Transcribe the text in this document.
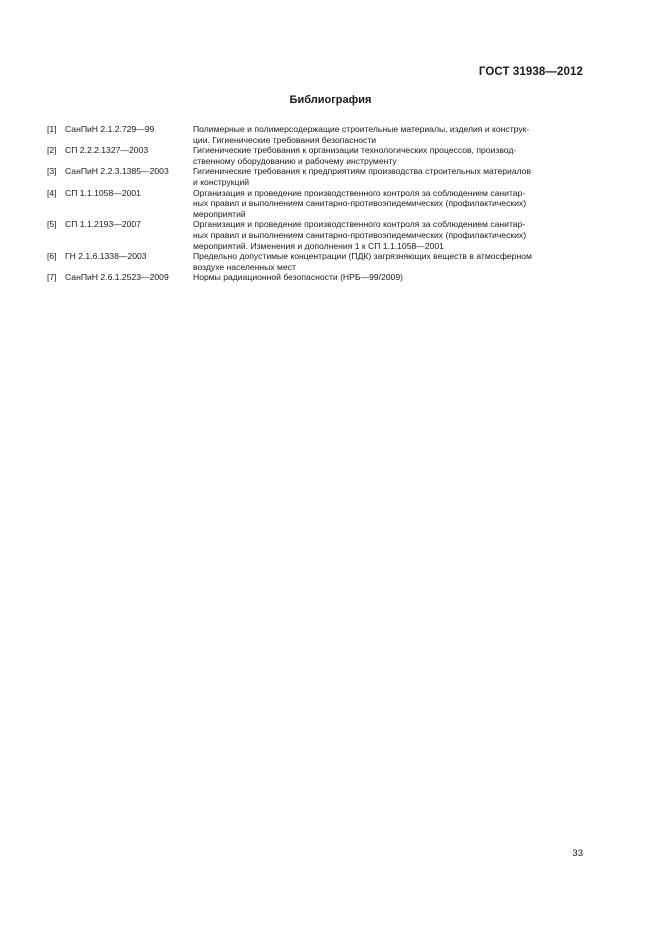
ГОСТ 31938—2012
Библиография
[1] СанПиН 2.1.2.729—99	Полимерные и полимерсодержащие строительные материалы, изделия и конструк-
ции. Гигиенические требования безопасности
[2] СП 2.2.2.1327—2003	Гигиенические требования к организации технологических процессов, производ-
ственному оборудованию и рабочему инструменту
[3] СанПиН 2.2.3.1385—2003	Гигиенические требования к предприятиям производства строительных материалов
и конструкций
[4] СП 1.1.1058—2001	Организация и проведение производственного контроля за соблюдением санитар-
ных правил и выполнением санитарно-противоэпидемических (профилактических)
мероприятий
[5] СП 1.1.2193—2007	Организация и проведение производственного контроля за соблюдением санитар-
ных правил и выполнением санитарно-противоэпидемических (профилактических)
мероприятий. Изменения и дополнения 1 к СП 1.1.1058—2001
[6] ГН 2.1.6.1338—2003	Предельно допустимые концентрации (ПДК) загрязняющих веществ в атмосферном
воздухе населенных мест
[7] СанПиН 2.6.1.2523—2009	Нормы радиационной безопасности (НРБ—99/2009)
33
